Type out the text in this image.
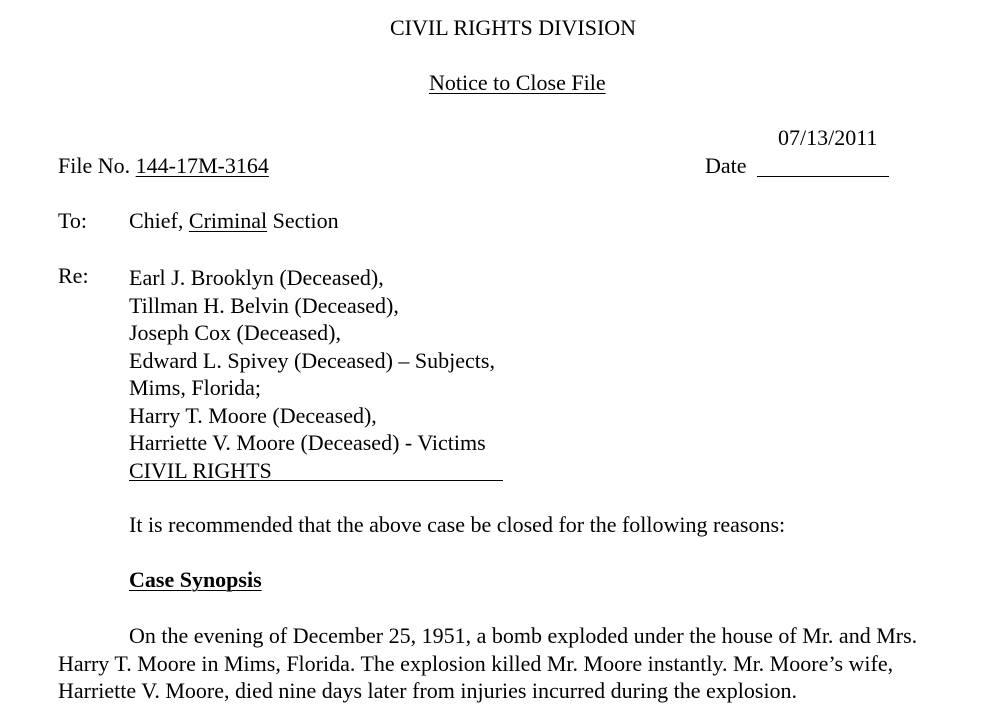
CIVIL RIGHTS DIVISION
Notice to Close File
07/13/2011
Date
File No. 144-17M-3164
To: Chief, Criminal Section
Re: Earl J. Brooklyn (Deceased),
Tillman H. Belvin (Deceased),
Joseph Cox (Deceased),
Edward L. Spivey (Deceased) – Subjects,
Mims, Florida;
Harry T. Moore (Deceased),
Harriette V. Moore (Deceased) - Victims
CIVIL RIGHTS
It is recommended that the above case be closed for the following reasons:
Case Synopsis

On the evening of December 25, 1951, a bomb exploded under the house of Mr. and Mrs.

Harry T. Moore in Mims, Florida. The explosion killed Mr. Moore instantly. Mr. Moore’s wife,

Harriette V. Moore, died nine days later from injuries incurred during the explosion.
